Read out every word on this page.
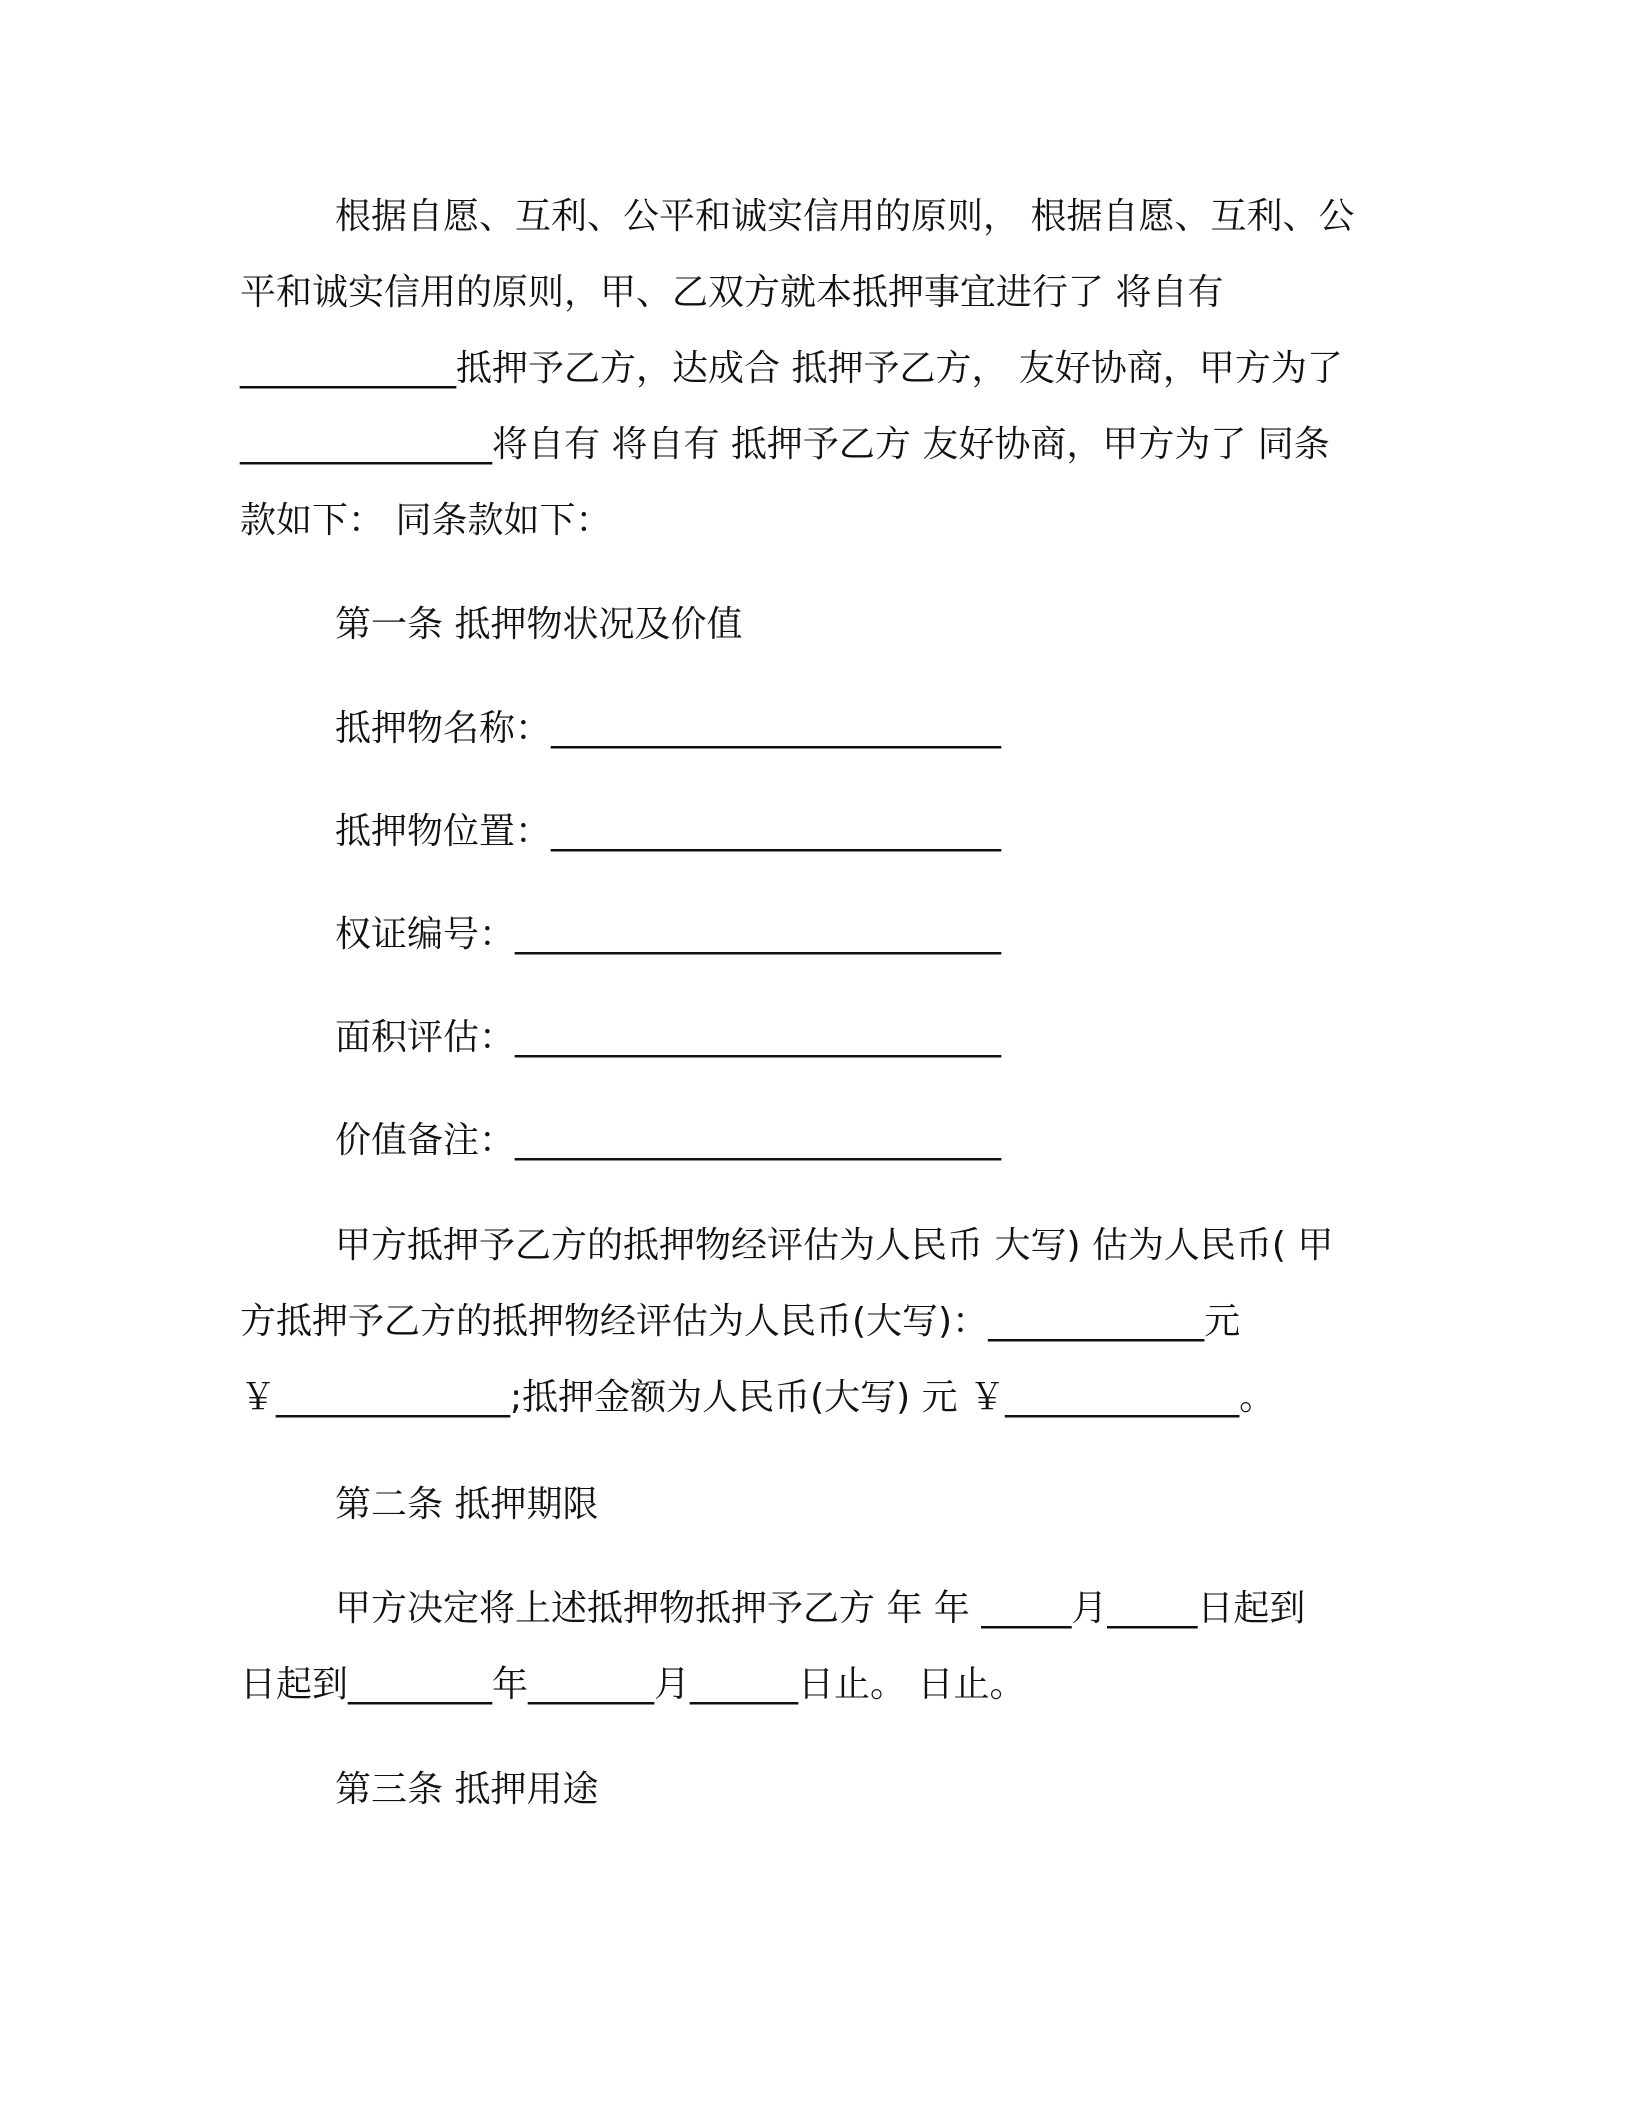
根据自愿、互利、公平和诚实信用的原则， 根据自愿、互利、公
平和诚实信用的原则，甲、乙双方就本抵押事宜进行了 将自有
____________抵押予乙方，达成合 抵押予乙方， 友好协商，甲方为了
______________将自有 将自有 抵押予乙方 友好协商，甲方为了 同条
款如下： 同条款如下：
第一条 抵押物状况及价值
抵押物名称：_________________________
抵押物位置：_________________________
权证编号：___________________________
面积评估：___________________________
价值备注：___________________________
甲方抵押予乙方的抵押物经评估为人民币 大写) 估为人民币( 甲
方抵押予乙方的抵押物经评估为人民币(大写)：____________元
￥_____________;抵押金额为人民币(大写) 元 ￥_____________。
第二条 抵押期限
甲方决定将上述抵押物抵押予乙方 年 年 _____月_____日起到
日起到________年_______月______日止。 日止。
第三条 抵押用途
